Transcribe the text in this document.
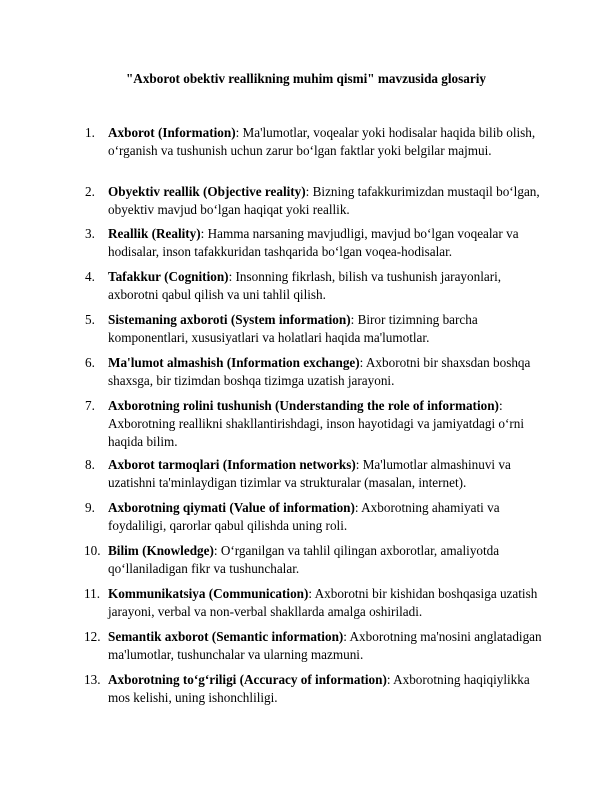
"Axborot obektiv reallikning muhim qismi" mavzusida glosariy
1. Axborot (Information): Ma'lumotlar, voqealar yoki hodisalar haqida bilib olish, o‘rganish va tushunish uchun zarur bo‘lgan faktlar yoki belgilar majmui.
2. Obyektiv reallik (Objective reality): Bizning tafakkurimizdan mustaqil bo‘lgan, obyektiv mavjud bo‘lgan haqiqat yoki reallik.
3. Reallik (Reality): Hamma narsaning mavjudligi, mavjud bo‘lgan voqealar va hodisalar, inson tafakkuridan tashqarida bo‘lgan voqea-hodisalar.
4. Tafakkur (Cognition): Insonning fikrlash, bilish va tushunish jarayonlari, axborotni qabul qilish va uni tahlil qilish.
5. Sistemaning axboroti (System information): Biror tizimning barcha komponentlari, xususiyatlari va holatlari haqida ma'lumotlar.
6. Ma'lumot almashish (Information exchange): Axborotni bir shaxsdan boshqa shaxsga, bir tizimdan boshqa tizimga uzatish jarayoni.
7. Axborotning rolini tushunish (Understanding the role of information): Axborotning reallikni shakllantirishdagi, inson hayotidagi va jamiyatdagi o‘rni haqida bilim.
8. Axborot tarmoqlari (Information networks): Ma'lumotlar almashinuvi va uzatishni ta'minlaydigan tizimlar va strukturalar (masalan, internet).
9. Axborotning qiymati (Value of information): Axborotning ahamiyati va foydaliligi, qarorlar qabul qilishda uning roli.
10. Bilim (Knowledge): O‘rganilgan va tahlil qilingan axborotlar, amaliyotda qo‘llaniladigan fikr va tushunchalar.
11. Kommunikatsiya (Communication): Axborotni bir kishidan boshqasiga uzatish jarayoni, verbal va non-verbal shakllarda amalga oshiriladi.
12. Semantik axborot (Semantic information): Axborotning ma'nosini anglatadigan ma'lumotlar, tushunchalar va ularning mazmuni.
13. Axborotning to‘g‘riligi (Accuracy of information): Axborotning haqiqiylikka mos kelishi, uning ishonchliligi.
